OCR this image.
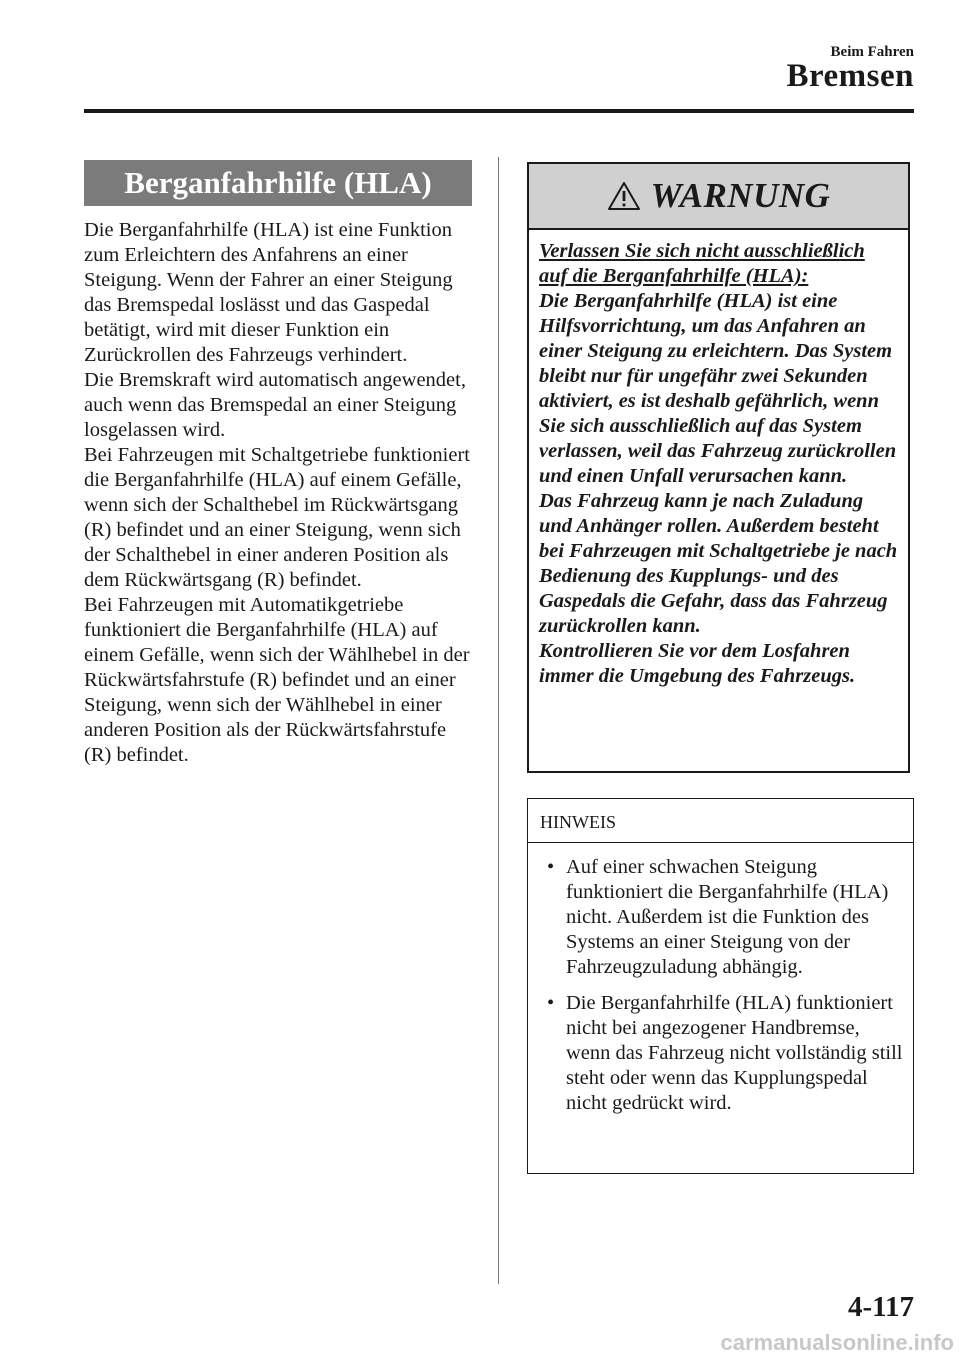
Beim Fahren
Bremsen
Berganfahrhilfe (HLA)

Die Berganfahrhilfe (HLA) ist eine Funktion zum Erleichtern des Anfahrens an einer Steigung. Wenn der Fahrer an einer Steigung das Bremspedal loslässt und das Gaspedal betätigt, wird mit dieser Funktion ein Zurückrollen des Fahrzeugs verhindert.

Die Bremskraft wird automatisch angewendet, auch wenn das Bremspedal an einer Steigung losgelassen wird.

Bei Fahrzeugen mit Schaltgetriebe funktioniert die Berganfahrhilfe (HLA) auf einem Gefälle, wenn sich der Schalthebel im Rückwärtsgang (R) befindet und an einer Steigung, wenn sich der Schalthebel in einer anderen Position als dem Rückwärtsgang (R) befindet.

Bei Fahrzeugen mit Automatikgetriebe funktioniert die Berganfahrhilfe (HLA) auf einem Gefälle, wenn sich der Wählhebel in der Rückwärtsfahrstufe (R) befindet und an einer Steigung, wenn sich der Wählhebel in einer anderen Position als der Rückwärtsfahrstufe (R) befindet.

WARNUNG

Verlassen Sie sich nicht ausschließlich auf die Berganfahrhilfe (HLA):

Die Berganfahrhilfe (HLA) ist eine Hilfsvorrichtung, um das Anfahren an einer Steigung zu erleichtern. Das System bleibt nur für ungefähr zwei Sekunden aktiviert, es ist deshalb gefährlich, wenn Sie sich ausschließlich auf das System verlassen, weil das Fahrzeug zurückrollen und einen Unfall verursachen kann.

Das Fahrzeug kann je nach Zuladung und Anhänger rollen. Außerdem besteht bei Fahrzeugen mit Schaltgetriebe je nach Bedienung des Kupplungs- und des Gaspedals die Gefahr, dass das Fahrzeug zurückrollen kann.

Kontrollieren Sie vor dem Losfahren immer die Umgebung des Fahrzeugs.

HINWEIS
• Auf einer schwachen Steigung funktioniert die Berganfahrhilfe (HLA) nicht. Außerdem ist die Funktion des Systems an einer Steigung von der Fahrzeugzuladung abhängig.
• Die Berganfahrhilfe (HLA) funktioniert nicht bei angezogener Handbremse, wenn das Fahrzeug nicht vollständig still steht oder wenn das Kupplungspedal nicht gedrückt wird.
4-117
carmanualsonline.info
